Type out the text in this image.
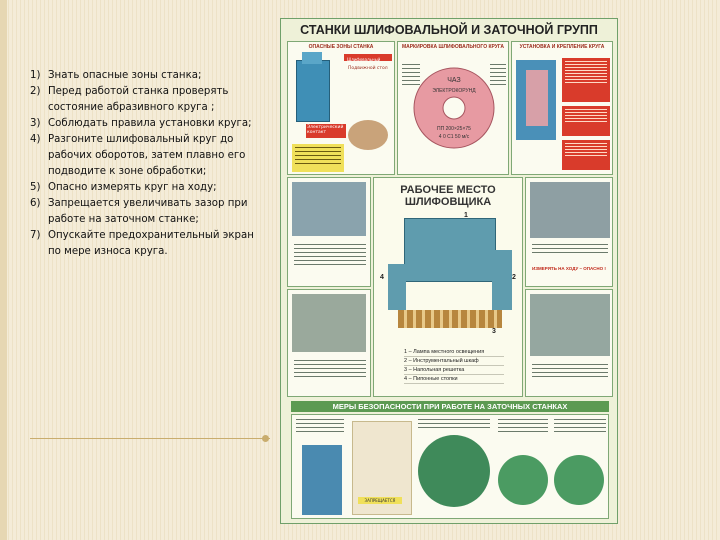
1) Знать опасные зоны станка;
2) Перед работой станка проверять состояние абразивного круга ;
3) Соблюдать правила установки круга;
4) Разгоните шлифовальный круг до рабочих оборотов, затем плавно его подводите к зоне обработки;
5) Опасно измерять круг на ходу;
6) Запрещается увеличивать зазор при работе на заточном станке;
7) Опускайте предохранительный экран по мере износа круга.
СТАНКИ ШЛИФОВАЛЬНОЙ И ЗАТОЧНОЙ ГРУПП
ОПАСНЫЕ ЗОНЫ СТАНКА
Шлифовальный круг
Подвижной стол
Электрический контакт
МАРКИРОВКА ШЛИФОВАЛЬНОГО КРУГА
ЧАЗ
ЭЛЕКТРОКОРУНД
ПП 200×25×75
4 0 С1 50 м/с
УСТАНОВКА И КРЕПЛЕНИЕ КРУГА
РАБОЧЕЕ МЕСТО ШЛИФОВЩИКА
1
2
3
4
1 – Лампа местного освещения
2 – Инструментальный шкаф
3 – Напольная решетка
4 – Пипонные стопки
ИЗМЕРЯТЬ НА ХОДУ – ОПАСНО !
МЕРЫ БЕЗОПАСНОСТИ ПРИ РАБОТЕ НА ЗАТОЧНЫХ СТАНКАХ
ЗАПРЕЩАЕТСЯ
